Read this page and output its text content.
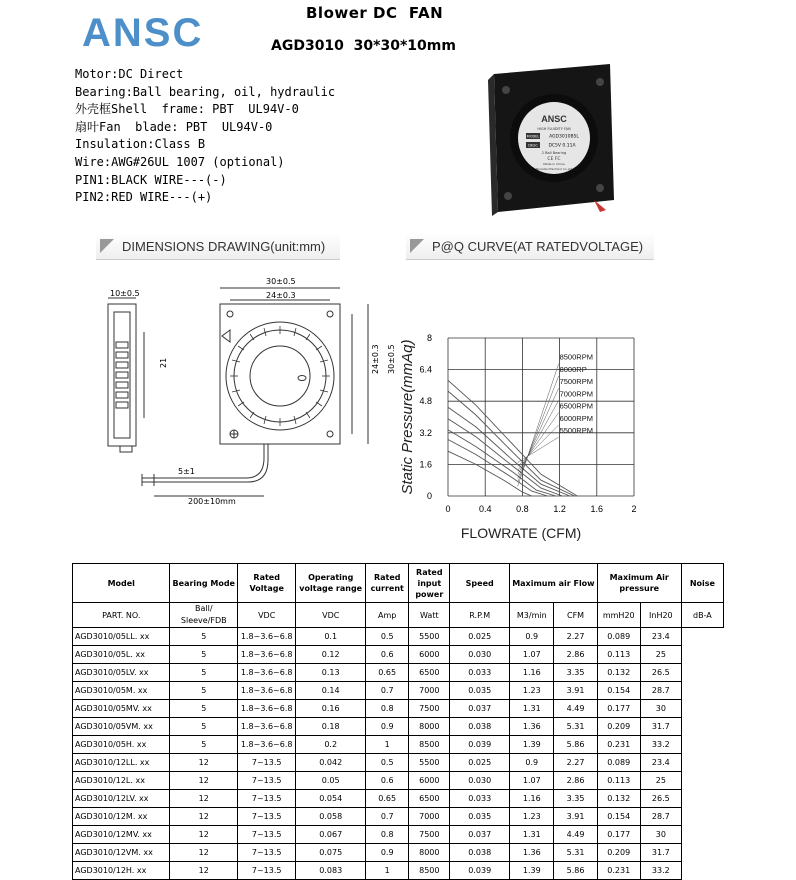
ANSC	Blower DC  FAN
AGD3010  30*30*10mm
Motor:DC Direct
Bearing:Ball bearing, oil, hydraulic
外壳框Shell  frame: PBT  UL94V-0
扇叶Fan  blade: PBT  UL94V-0
Insulation:Class B
Wire:AWG#26UL 1007 (optional)
PIN1:BLACK WIRE---(-)
PIN2:RED WIRE---(+)
ANSC
HIGH FLUIDITY FAN
MODEL AGD3010B5L
DESC DC5V 0.11A
2 Ball Bearing
CE FC
Made in China
Shenzhen Electronic Co.,Ltd
DIMENSIONS DRAWING(unit:mm)	P@Q CURVE(AT RATEDVOLTAGE)
10±0.5
21
30±0.5
24±0.3
24±0.3 30±0.5
5±1
200±10mm
0	0.4	0.8	1.2	1.6	2
0
1.6
3.2
4.8
6.4
8
8500RPM
8000RP
7500RPM
7000RPM
6500RPM
6000RPM
5500RPM
FLOWRATE (CFM)
Static Pressure(mmAq)
Model	Bearing Mode	Rated Voltage	Operating voltage range	Rated current	Rated input power	Speed	Maximum air Flow		Maximum Air pressure		Noise
PART. NO.	Ball/ Sleeve/FDB	VDC	VDC	Amp	Watt	R.P.M	M3/min	CFM	mmH20	InH20	dB-A
AGD3010/05LL. xx	5	1.8~3.6~6.8	0.1	0.5	5500	0.025	0.9	2.27	0.089	23.4	
AGD3010/05L. xx	5	1.8~3.6~6.8	0.12	0.6	6000	0.030	1.07	2.86	0.113	25	
AGD3010/05LV. xx	5	1.8~3.6~6.8	0.13	0.65	6500	0.033	1.16	3.35	0.132	26.5	
AGD3010/05M. xx	5	1.8~3.6~6.8	0.14	0.7	7000	0.035	1.23	3.91	0.154	28.7	
AGD3010/05MV. xx	5	1.8~3.6~6.8	0.16	0.8	7500	0.037	1.31	4.49	0.177	30	
AGD3010/05VM. xx	5	1.8~3.6~6.8	0.18	0.9	8000	0.038	1.36	5.31	0.209	31.7	
AGD3010/05H. xx	5	1.8~3.6~6.8	0.2	1	8500	0.039	1.39	5.86	0.231	33.2	
AGD3010/12LL. xx	12	7~13.5	0.042	0.5	5500	0.025	0.9	2.27	0.089	23.4	
AGD3010/12L. xx	12	7~13.5	0.05	0.6	6000	0.030	1.07	2.86	0.113	25	
AGD3010/12LV. xx	12	7~13.5	0.054	0.65	6500	0.033	1.16	3.35	0.132	26.5	
AGD3010/12M. xx	12	7~13.5	0.058	0.7	7000	0.035	1.23	3.91	0.154	28.7	
AGD3010/12MV. xx	12	7~13.5	0.067	0.8	7500	0.037	1.31	4.49	0.177	30	
AGD3010/12VM. xx	12	7~13.5	0.075	0.9	8000	0.038	1.36	5.31	0.209	31.7	
AGD3010/12H. xx	12	7~13.5	0.083	1	8500	0.039	1.39	5.86	0.231	33.2	
